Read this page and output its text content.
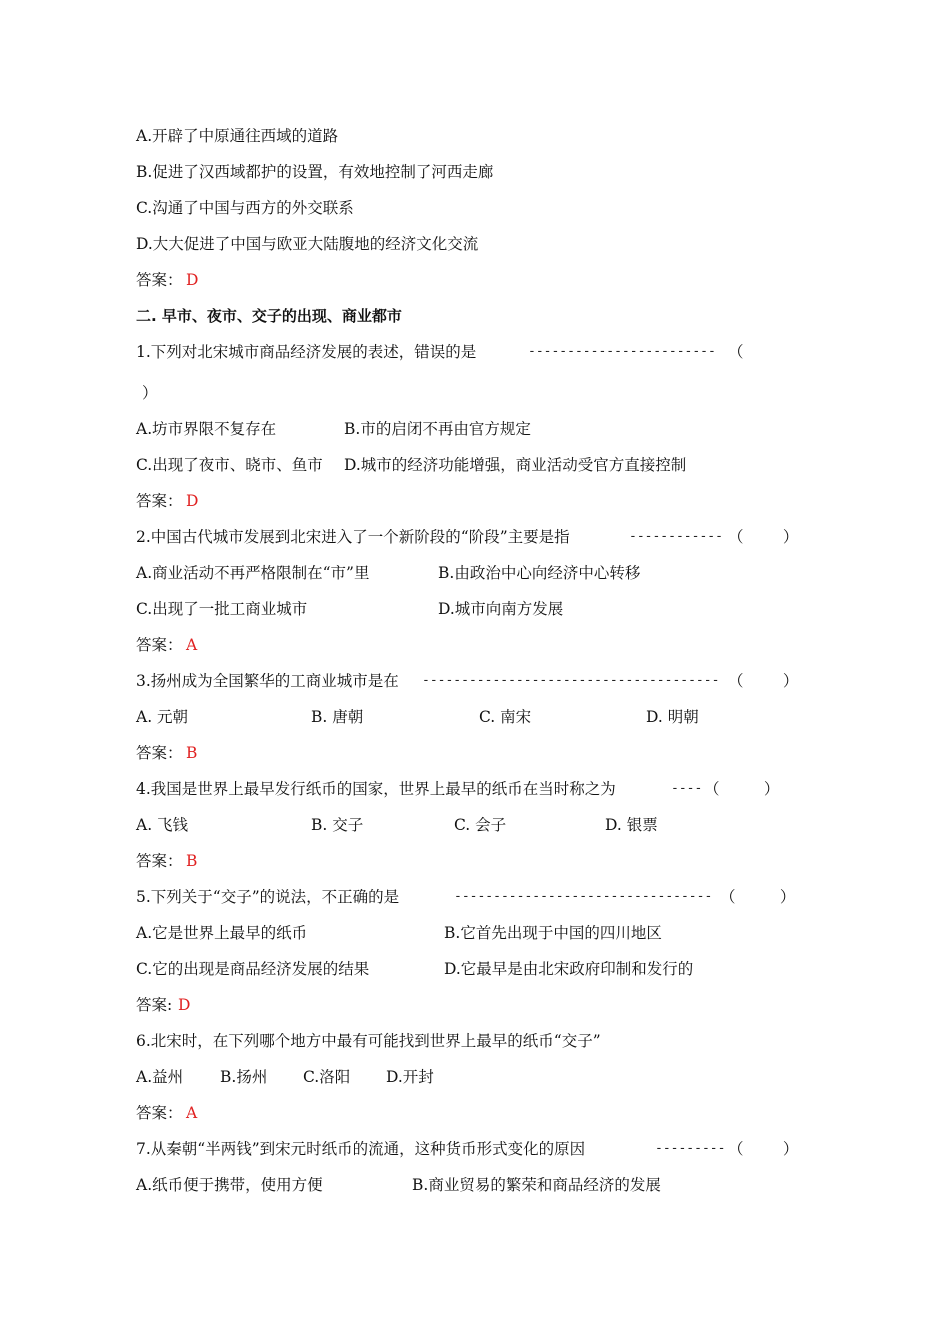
A.开辟了中原通往西域的道路
B.促进了汉西域都护的设置，有效地控制了河西走廊
C.沟通了中国与西方的外交联系
D.大大促进了中国与欧亚大陆腹地的经济文化交流
答案： D
二. 早市、夜市、交子的出现、商业都市
1.下列对北宋城市商品经济发展的表述，错误的是	------------------------ （
）
A.坊市界限不复存在	B.市的启闭不再由官方规定
C.出现了夜市、晓市、鱼市 D.城市的经济功能增强，商业活动受官方直接控制
答案： D
2.中国古代城市发展到北宋进入了一个新阶段的“阶段”主要是指	------------ （        ）
A.商业活动不再严格限制在“市”里	B.由政治中心向经济中心转移
C.出现了一批工商业城市	D.城市向南方发展
答案： A
3.扬州成为全国繁华的工商业城市是在 -------------------------------------- （        ）
A. 元朝	B. 唐朝	C. 南宋	D. 明朝
答案： B
4.我国是世界上最早发行纸币的国家，世界上最早的纸币在当时称之为	---- （         ）
A. 飞钱	B. 交子	C. 会子	D. 银票
答案： B
5.下列关于“交子”的说法，不正确的是	--------------------------------- （         ）
A.它是世界上最早的纸币	B.它首先出现于中国的四川地区
C.它的出现是商品经济发展的结果	D.它最早是由北宋政府印制和发行的
答案: D
6.北宋时，在下列哪个地方中最有可能找到世界上最早的纸币“交子”
A.益州 B.扬州 C.洛阳 D.开封
答案： A
7.从秦朝“半两钱”到宋元时纸币的流通，这种货币形式变化的原因	--------- （        ）
A.纸币便于携带，使用方便	B.商业贸易的繁荣和商品经济的发展
